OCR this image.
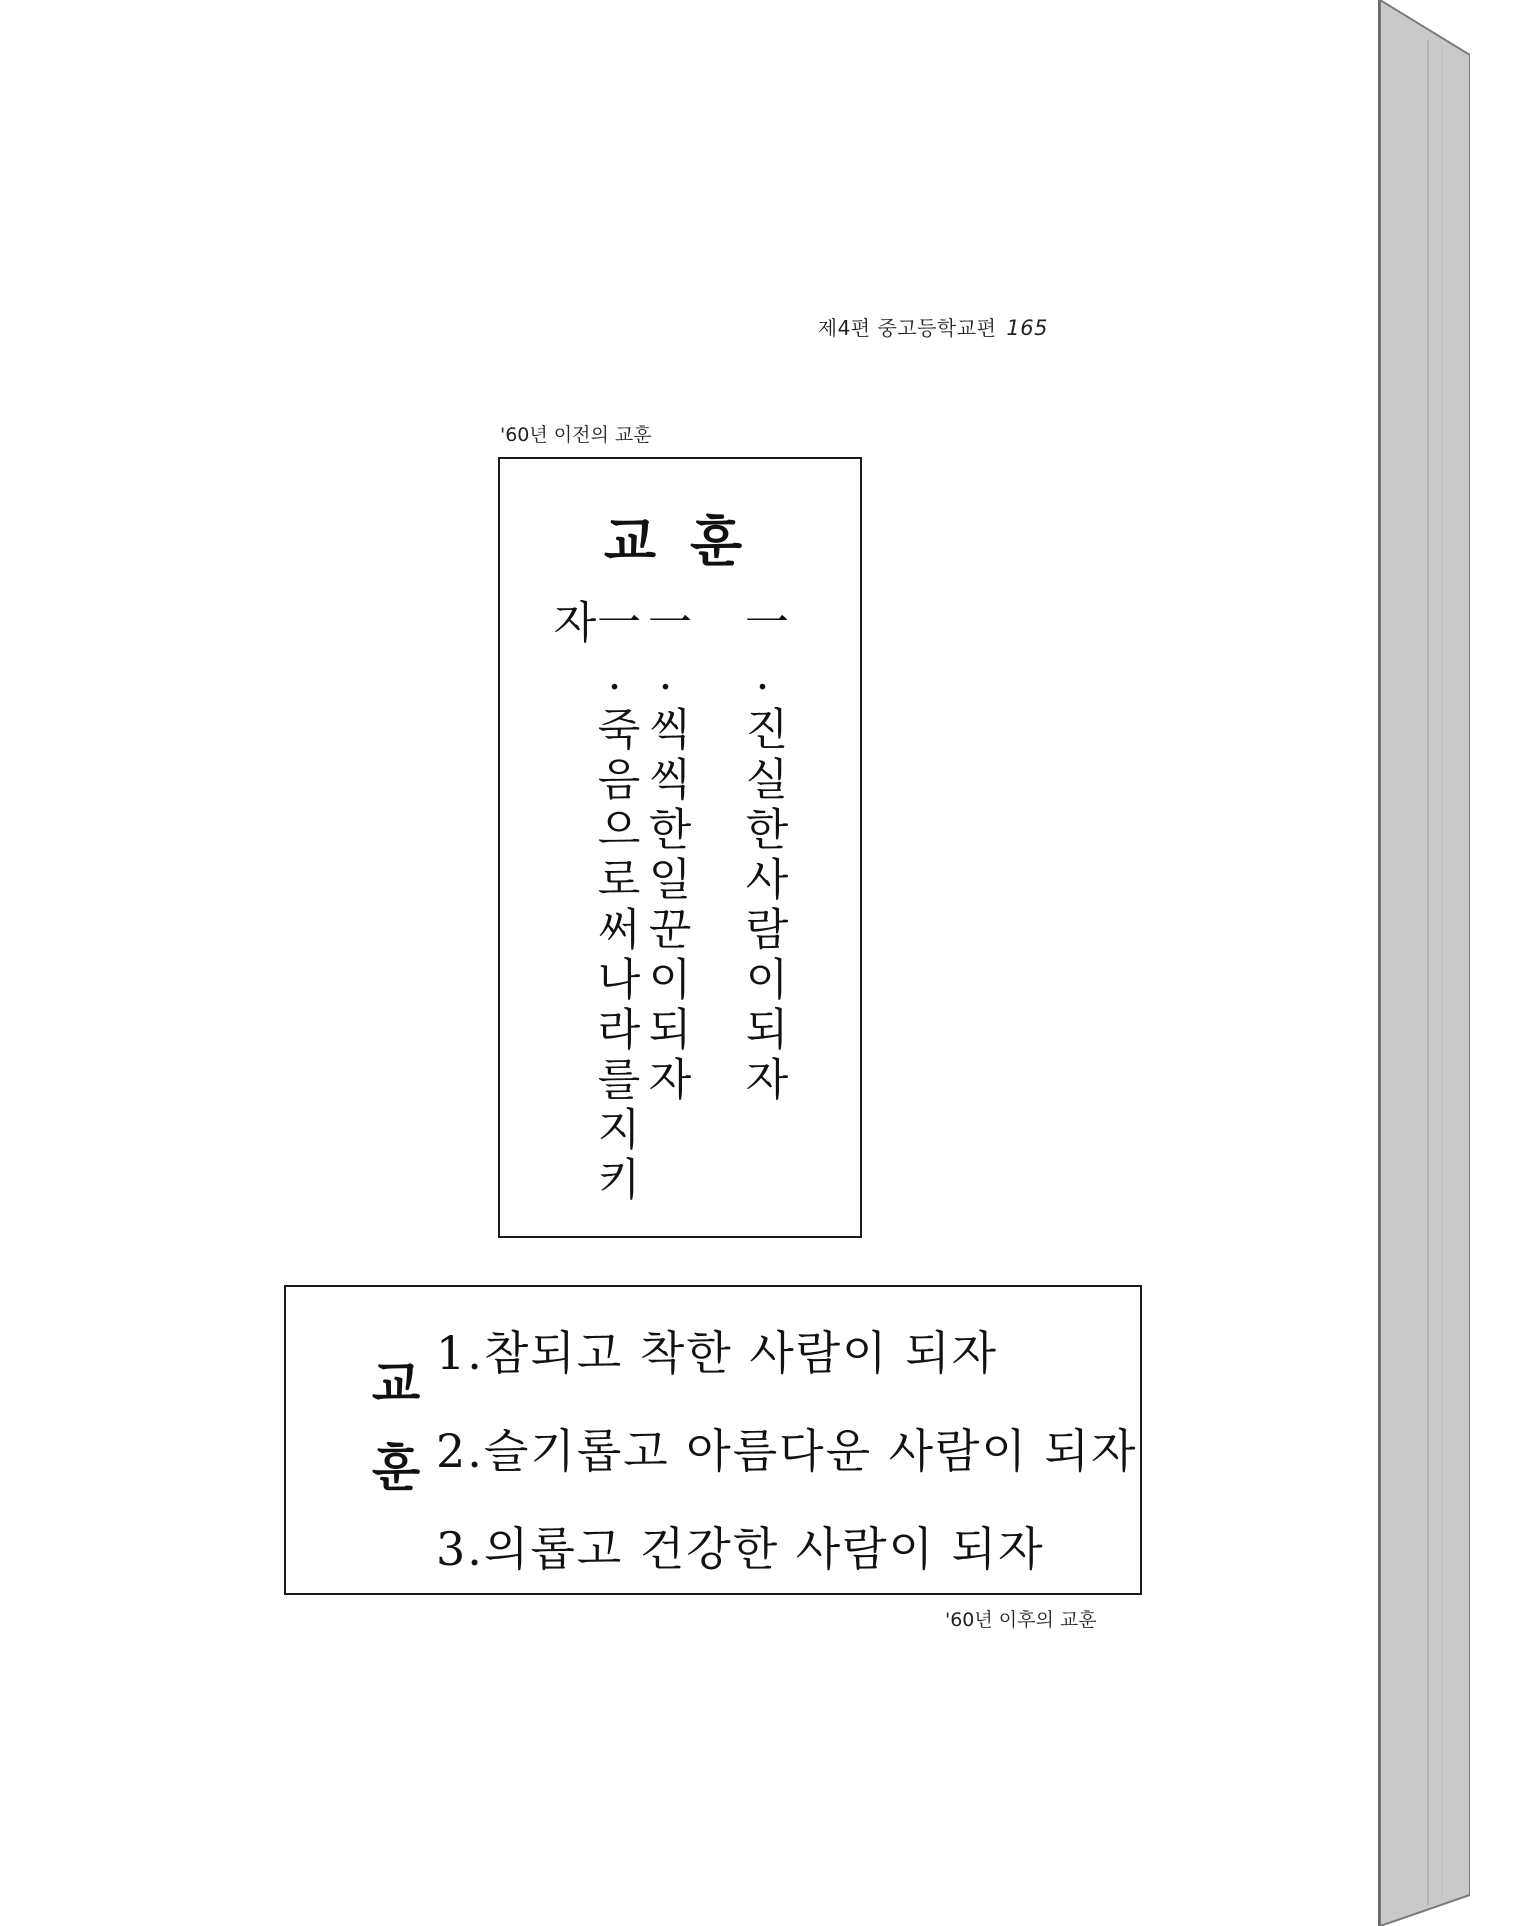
제4편 중고등학교편 165
'60년 이전의 교훈
교훈
一.진실한사람이되자
一.씩씩한일꾼이되자
一.죽음으로써나라를지키자
교훈
1.참되고 착한 사람이 되자
2.슬기롭고 아름다운 사람이 되자
3.의롭고 건강한 사람이 되자
'60년 이후의 교훈
